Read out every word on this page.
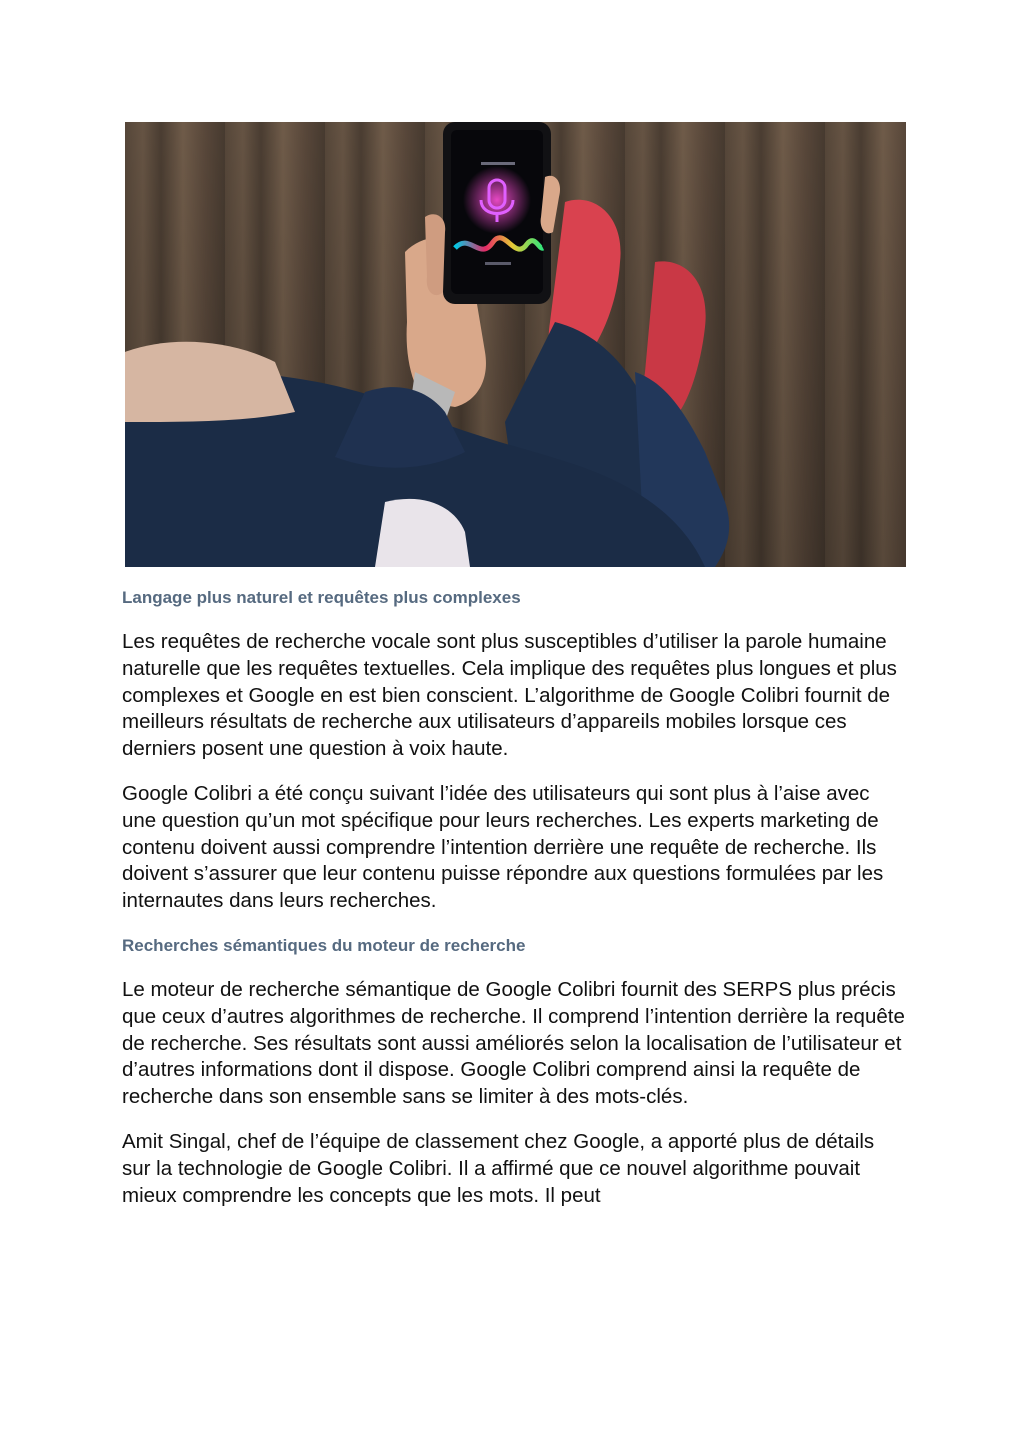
Langage plus naturel et requêtes plus complexes

Les requêtes de recherche vocale sont plus susceptibles d’utiliser la parole humaine naturelle que les requêtes textuelles. Cela implique des requêtes plus longues et plus complexes et Google en est bien conscient. L’algorithme de Google Colibri fournit de meilleurs résultats de recherche aux utilisateurs d’appareils mobiles lorsque ces derniers posent une question à voix haute.

Google Colibri a été conçu suivant l’idée des utilisateurs qui sont plus à l’aise avec une question qu’un mot spécifique pour leurs recherches. Les experts marketing de contenu doivent aussi comprendre l’intention derrière une requête de recherche. Ils doivent s’assurer que leur contenu puisse répondre aux questions formulées par les internautes dans leurs recherches.

Recherches sémantiques du moteur de recherche

Le moteur de recherche sémantique de Google Colibri fournit des SERPS plus précis que ceux d’autres algorithmes de recherche. Il comprend l’intention derrière la requête de recherche. Ses résultats sont aussi améliorés selon la localisation de l’utilisateur et d’autres informations dont il dispose. Google Colibri comprend ainsi la requête de recherche dans son ensemble sans se limiter à des mots-clés.

Amit Singal, chef de l’équipe de classement chez Google, a apporté plus de détails sur la technologie de Google Colibri. Il a affirmé que ce nouvel algorithme pouvait mieux comprendre les concepts que les mots. Il peut
